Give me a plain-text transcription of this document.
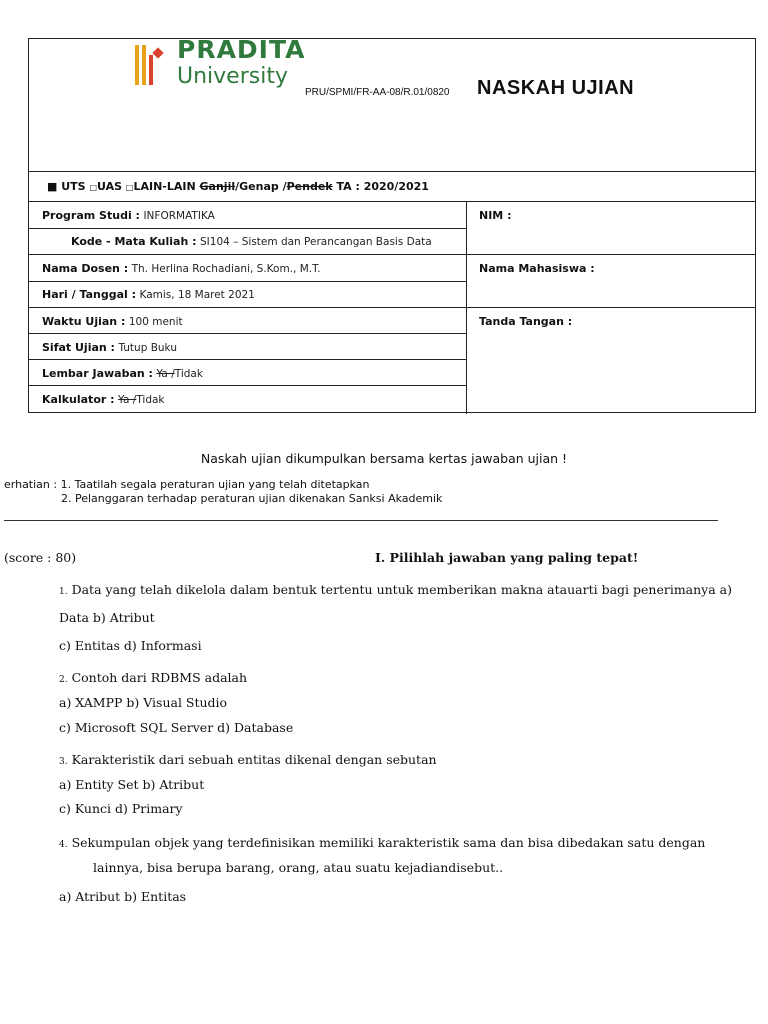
PRADITA
University
PRU/SPMI/FR-AA-08/R.01/0820 NASKAH UJIAN
■ UTS □UAS □LAIN-LAIN Ganjil/Genap /Pendek TA : 2020/2021
Program Studi : INFORMATIKA
Kode - Mata Kuliah : SI104 – Sistem dan Perancangan Basis Data
Nama Dosen : Th. Herlina Rochadiani, S.Kom., M.T.
Hari / Tanggal : Kamis, 18 Maret 2021
Waktu Ujian : 100 menit
Sifat Ujian : Tutup Buku
Lembar Jawaban : Ya /Tidak
Kalkulator : Ya /Tidak
NIM :
Nama Mahasiswa :
Tanda Tangan :
Naskah ujian dikumpulkan bersama kertas jawaban ujian !
erhatian : 1. Taatilah segala peraturan ujian yang telah ditetapkan
2. Pelanggaran terhadap peraturan ujian dikenakan Sanksi Akademik
(score : 80)	I. Pilihlah jawaban yang paling tepat!
1. Data yang telah dikelola dalam bentuk tertentu untuk memberikan makna atauarti bagi penerimanya a)
Data b) Atribut
c) Entitas d) Informasi
2. Contoh dari RDBMS adalah
a) XAMPP b) Visual Studio
c) Microsoft SQL Server d) Database
3. Karakteristik dari sebuah entitas dikenal dengan sebutan
a) Entity Set b) Atribut
c) Kunci d) Primary
4. Sekumpulan objek yang terdefinisikan memiliki karakteristik sama dan bisa dibedakan satu dengan
lainnya, bisa berupa barang, orang, atau suatu kejadiandisebut..
a) Atribut b) Entitas
